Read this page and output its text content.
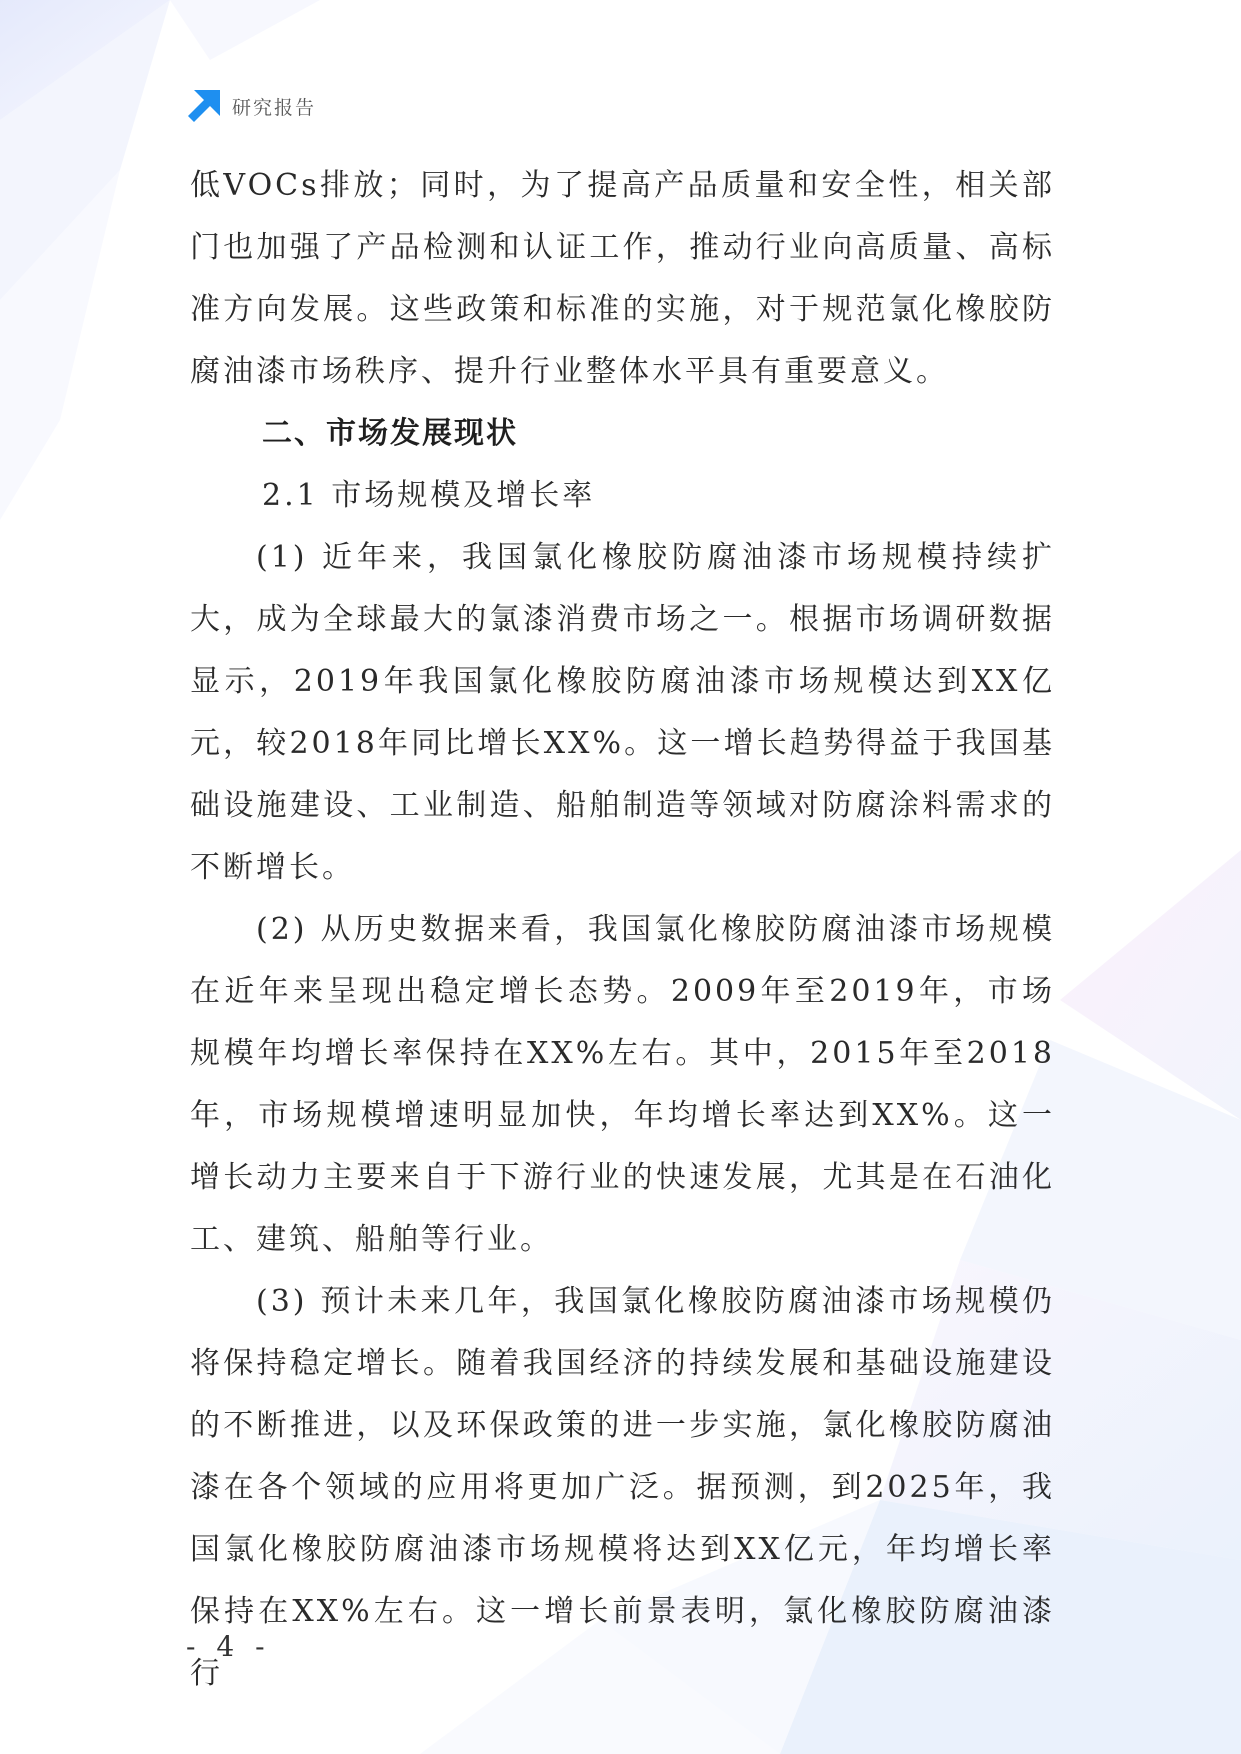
研究报告

低VOCs排放；同时，为了提高产品质量和安全性，相关部门也加强了产品检测和认证工作，推动行业向高质量、高标准方向发展。这些政策和标准的实施，对于规范氯化橡胶防腐油漆市场秩序、提升行业整体水平具有重要意义。

二、市场发展现状
2.1 市场规模及增长率

(1) 近年来，我国氯化橡胶防腐油漆市场规模持续扩大，成为全球最大的氯漆消费市场之一。根据市场调研数据显示，2019年我国氯化橡胶防腐油漆市场规模达到XX亿元，较2018年同比增长XX%。这一增长趋势得益于我国基础设施建设、工业制造、船舶制造等领域对防腐涂料需求的不断增长。

(2) 从历史数据来看，我国氯化橡胶防腐油漆市场规模在近年来呈现出稳定增长态势。2009年至2019年，市场规模年均增长率保持在XX%左右。其中，2015年至2018年，市场规模增速明显加快，年均增长率达到XX%。这一增长动力主要来自于下游行业的快速发展，尤其是在石油化工、建筑、船舶等行业。

(3) 预计未来几年，我国氯化橡胶防腐油漆市场规模仍将保持稳定增长。随着我国经济的持续发展和基础设施建设的不断推进，以及环保政策的进一步实施，氯化橡胶防腐油漆在各个领域的应用将更加广泛。据预测，到2025年，我国氯化橡胶防腐油漆市场规模将达到XX亿元，年均增长率保持在XX%左右。这一增长前景表明，氯化橡胶防腐油漆行

- 4 -
